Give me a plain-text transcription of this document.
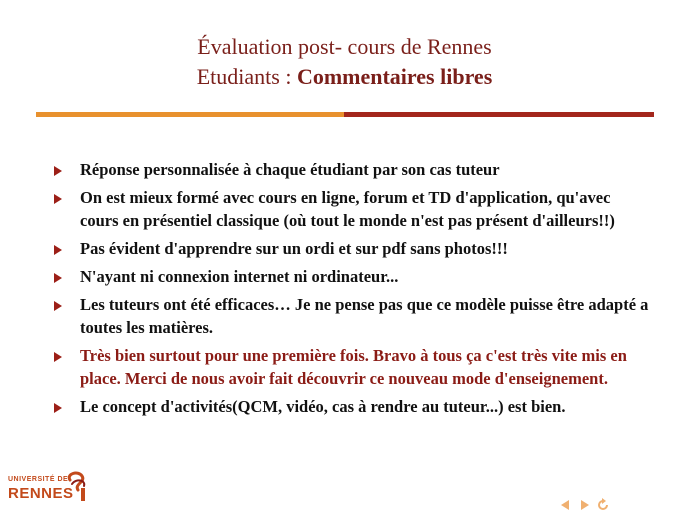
Évaluation post- cours de Rennes
Etudiants : Commentaires libres
Réponse personnalisée à chaque étudiant par son cas tuteur
On est mieux formé avec cours en ligne, forum et TD d'application, qu'avec cours en présentiel classique (où tout le monde n'est pas présent d'ailleurs!!)
Pas évident d'apprendre sur un ordi et sur pdf sans photos!!!
N'ayant ni connexion internet ni ordinateur...
Les tuteurs ont été efficaces… Je ne pense pas que ce modèle puisse être adapté a toutes les matières.
Très bien surtout pour une première fois. Bravo à tous ça c'est très vite mis en place. Merci de nous avoir fait découvrir ce nouveau mode d'enseignement.
Le concept d'activités(QCM, vidéo, cas à rendre au tuteur...) est bien.
UNIVERSITÉ DE
RENNES
